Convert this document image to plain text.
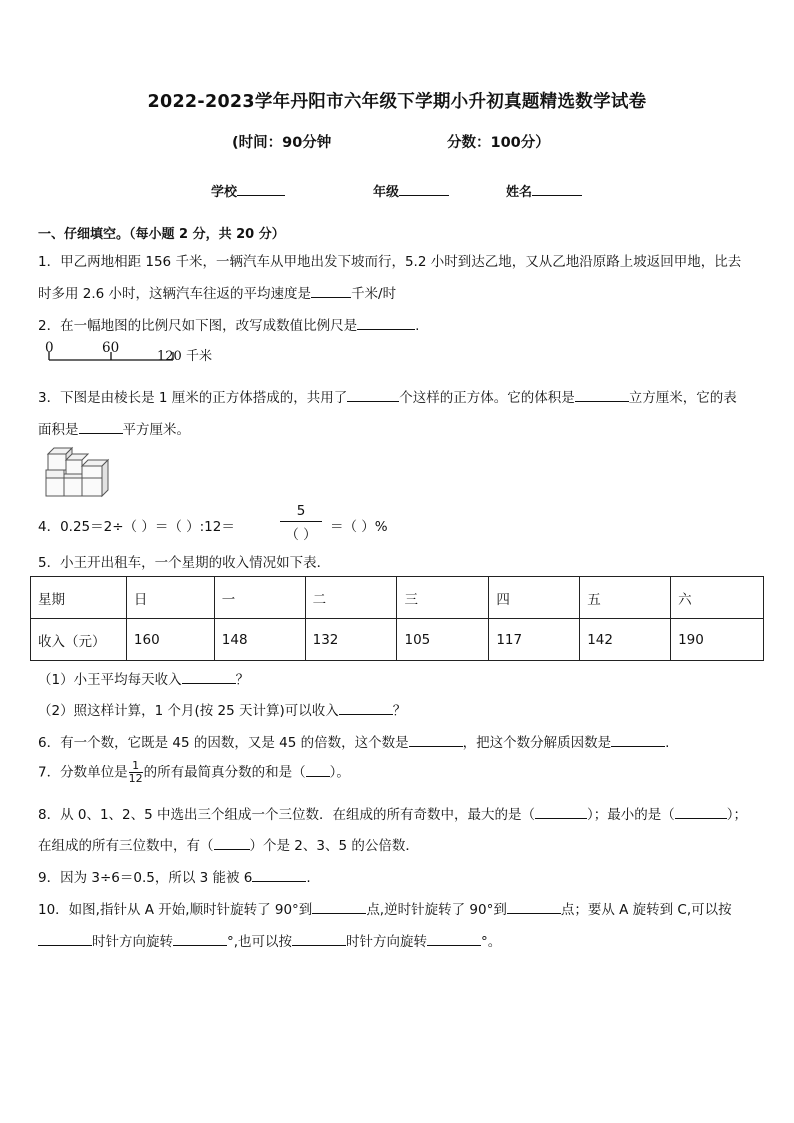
2022-2023学年丹阳市六年级下学期小升初真题精选数学试卷
(时间：90分钟	分数：100分）
学校	年级	姓名
一、仔细填空。（每小题 2 分，共 20 分）
1．甲乙两地相距 156 千米，一辆汽车从甲地出发下坡而行，5.2 小时到达乙地，又从乙地沿原路上坡返回甲地，比去
时多用 2.6 小时，这辆汽车往返的平均速度是	千米/时
2．在一幅地图的比例尺如下图，改写成数值比例尺是	.
0	60
120 千米
3．下图是由棱长是 1 厘米的正方体搭成的，共用了	个这样的正方体。它的体积是	立方厘米，它的表
面积是	平方厘米。
4．0.25＝2÷（ ）＝（ ）:12＝
5
（ ） ＝（ ）%
5．小王开出租车，一个星期的收入情况如下表．
星期	日	一	二	三	四	五	六
收入（元）	160	148	132	105	117	142	190
（1）小王平均每天收入	？
（2）照这样计算，1 个月(按 25 天计算)可以收入	？
6．有一个数，它既是 45 的因数，又是 45 的倍数，这个数是	，把这个数分解质因数是	.
7．分数单位是 $\frac{1}{12}$ 的所有最简真分数的和是（ ）。
8．从 0、1、2、5 中选出三个组成一个三位数．在组成的所有奇数中，最大的是（	）；最小的是（	）；
在组成的所有三位数中，有（	）个是 2、3、5 的公倍数．
9．因为 3÷6＝0.5，所以 3 能被 6	.
10．如图,指针从 A 开始,顺时针旋转了 90°到	点,逆时针旋转了 90°到	点；要从 A 旋转到 C,可以按
时针方向旋转	°,也可以按	时针方向旋转	°。
